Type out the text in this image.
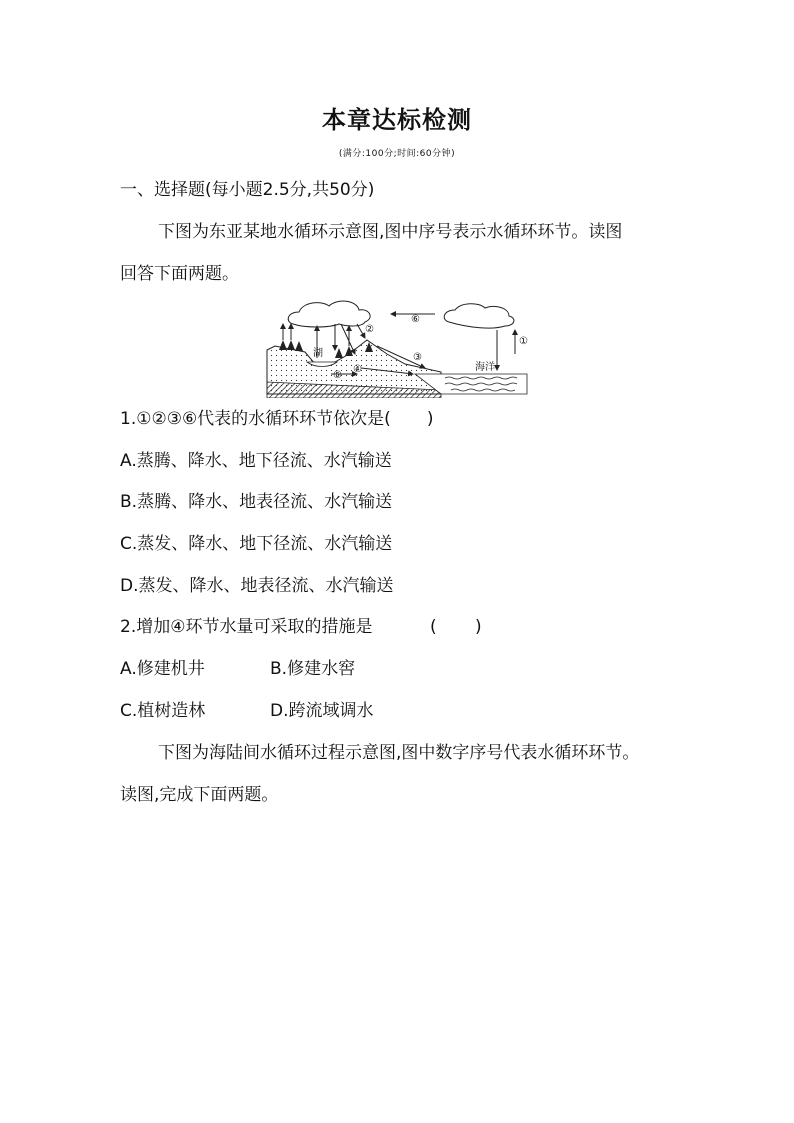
本章达标检测
(满分:100分;时间:60分钟)
一、选择题(每小题2.5分,共50分)
下图为东亚某地水循环示意图,图中序号表示水循环环节。读图
回答下面两题。
⑥
②
①
③
④
⑤
湖
海洋
1.①②③⑥代表的水循环环节依次是( )
A.蒸腾、降水、地下径流、水汽输送
B.蒸腾、降水、地表径流、水汽输送
C.蒸发、降水、地下径流、水汽输送
D.蒸发、降水、地表径流、水汽输送
2.增加④环节水量可采取的措施是	( )
A.修建机井	B.修建水窖
C.植树造林	D.跨流域调水
下图为海陆间水循环过程示意图,图中数字序号代表水循环环节。
读图,完成下面两题。
